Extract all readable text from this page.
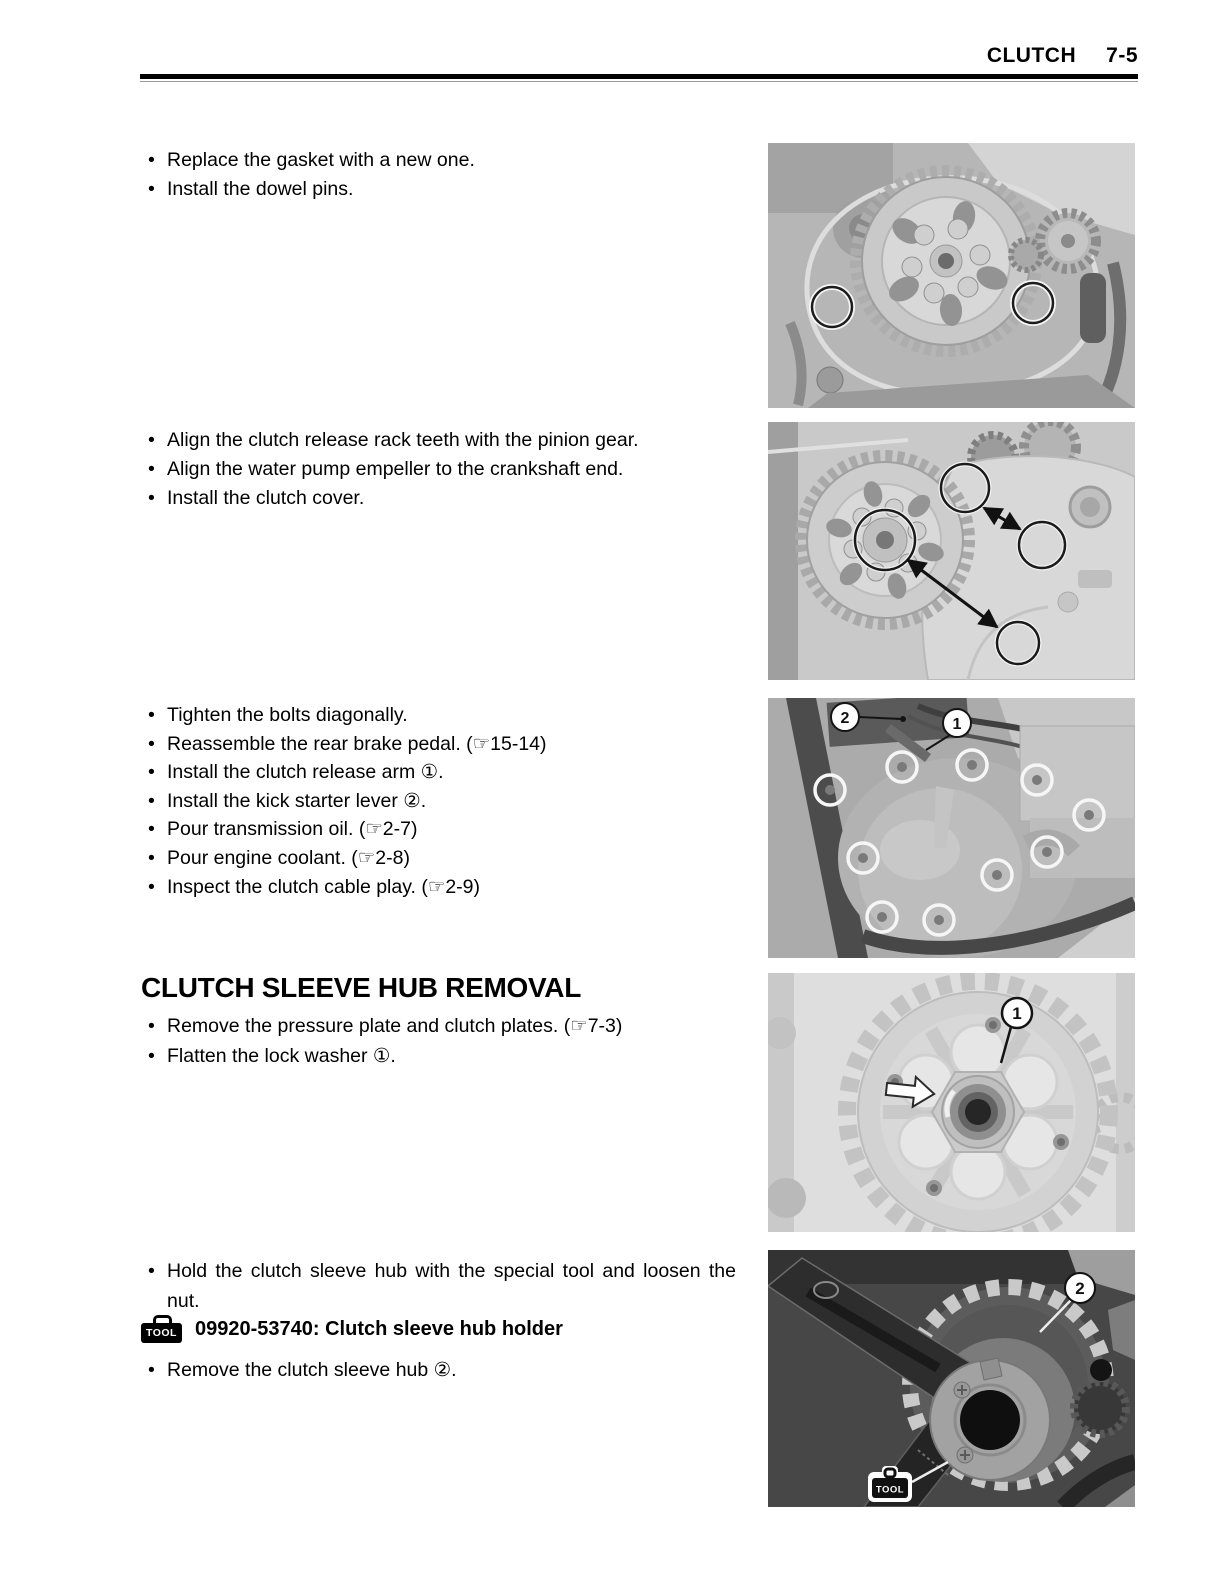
CLUTCH 7-5
• Replace the gasket with a new one.
• Install the dowel pins.
• Align the clutch release rack teeth with the pinion gear.
• Align the water pump empeller to the crankshaft end.
• Install the clutch cover.
• Tighten the bolts diagonally.
• Reassemble the rear brake pedal. (☞15-14)
• Install the clutch release arm ①.
• Install the kick starter lever ②.
• Pour transmission oil. (☞2-7)
• Pour engine coolant. (☞2-8)
• Inspect the clutch cable play. (☞2-9)
CLUTCH SLEEVE HUB REMOVAL
• Remove the pressure plate and clutch plates. (☞7-3)
• Flatten the lock washer ①.
• Hold the clutch sleeve hub with the special tool and loosen the nut.
TOOL 09920-53740: Clutch sleeve hub holder
• Remove the clutch sleeve hub ②.
2	1
1
2
TOOL
